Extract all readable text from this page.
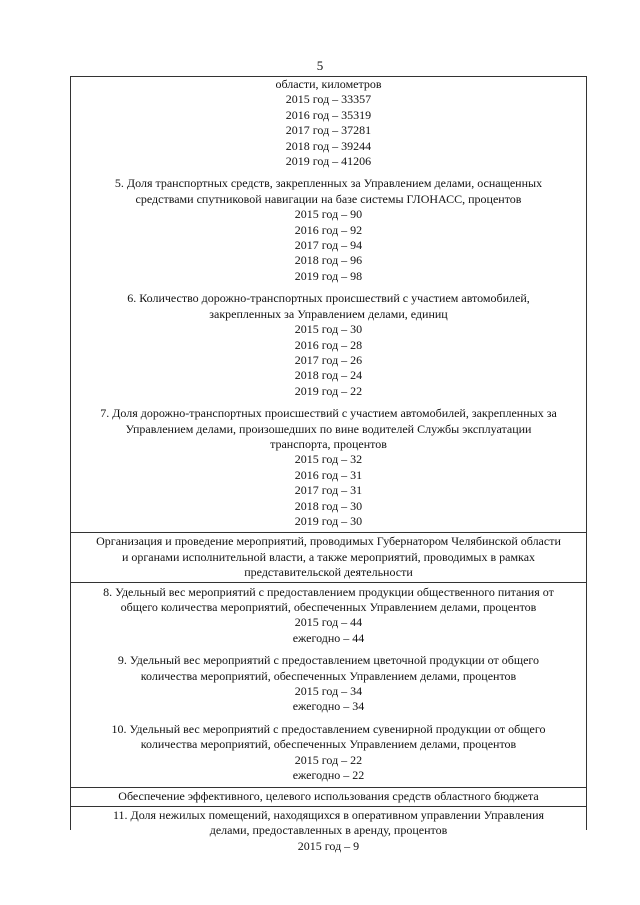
5
области, километров
2015 год – 33357
2016 год – 35319
2017 год – 37281
2018 год – 39244
2019 год – 41206
5. Доля транспортных средств, закрепленных за Управлением делами, оснащенных
средствами спутниковой навигации на базе системы ГЛОНАСС, процентов
2015 год – 90
2016 год – 92
2017 год – 94
2018 год – 96
2019 год – 98
6. Количество дорожно-транспортных происшествий с участием автомобилей,
закрепленных за Управлением делами, единиц
2015 год – 30
2016 год – 28
2017 год – 26
2018 год – 24
2019 год – 22
7. Доля дорожно-транспортных происшествий с участием автомобилей, закрепленных за
Управлением делами, произошедших по вине водителей Службы эксплуатации
транспорта, процентов
2015 год – 32
2016 год – 31
2017 год – 31
2018 год – 30
2019 год – 30
Организация и проведение мероприятий, проводимых Губернатором Челябинской области
и органами исполнительной власти, а также мероприятий, проводимых в рамках
представительской деятельности
8. Удельный вес мероприятий с предоставлением продукции общественного питания от
общего количества мероприятий, обеспеченных Управлением делами, процентов
2015 год – 44
ежегодно – 44
9. Удельный вес мероприятий с предоставлением цветочной продукции от общего
количества мероприятий, обеспеченных Управлением делами, процентов
2015 год – 34
ежегодно – 34
10. Удельный вес мероприятий с предоставлением сувенирной продукции от общего
количества мероприятий, обеспеченных Управлением делами, процентов
2015 год – 22
ежегодно – 22
Обеспечение эффективного, целевого использования средств областного бюджета
11. Доля нежилых помещений, находящихся в оперативном управлении Управления
делами, предоставленных в аренду, процентов
2015 год – 9
